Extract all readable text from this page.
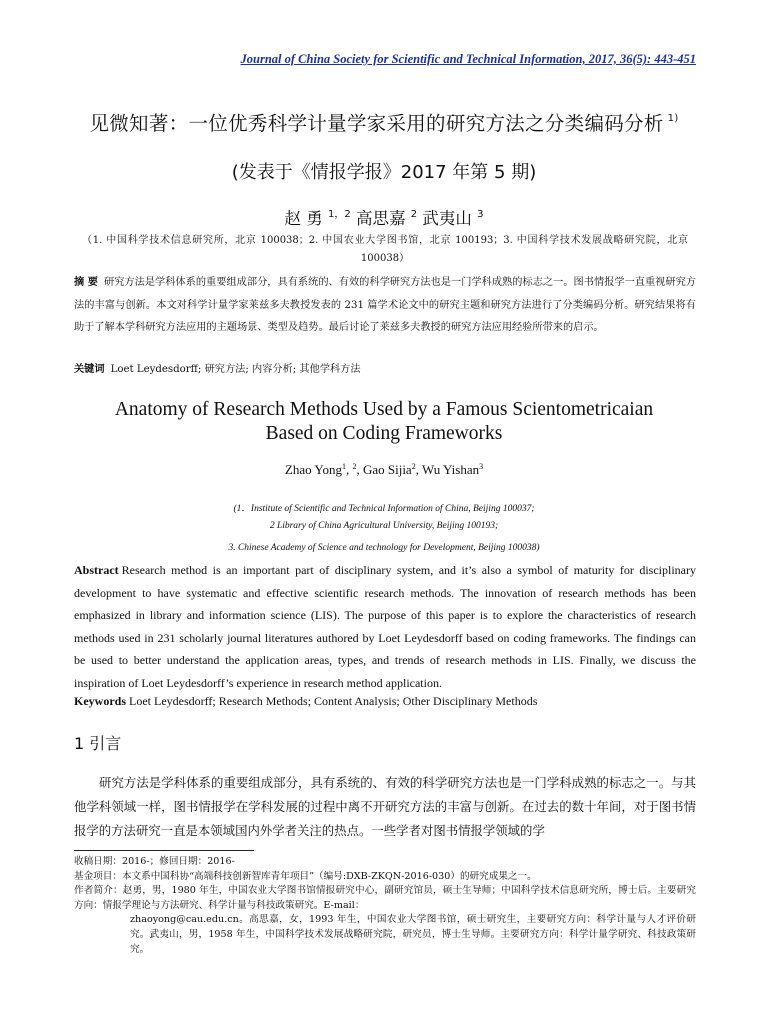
Journal of China Society for Scientific and Technical Information, 2017, 36(5): 443-451
见微知著：一位优秀科学计量学家采用的研究方法之分类编码分析 $^{1)}$
(发表于《情报学报》2017 年第 5 期)
赵 勇 $^{1,2}$ 高思嘉 $^2$ 武夷山 $^3$
（1. 中国科学技术信息研究所，北京 100038；2. 中国农业大学图书馆，北京 100193；3. 中国科学技术发展战略研究院，北京 100038）
摘 要 研究方法是学科体系的重要组成部分，具有系统的、有效的科学研究方法也是一门学科成熟的标志之一。图书情报学一直重视研究方法的丰富与创新。本文对科学计量学家莱兹多夫教授发表的 231 篇学术论文中的研究主题和研究方法进行了分类编码分析。研究结果将有助于了解本学科研究方法应用的主题场景、类型及趋势。最后讨论了莱兹多夫教授的研究方法应用经验所带来的启示。
关键词 Loet Leydesdorff; 研究方法; 内容分析; 其他学科方法
Anatomy of Research Methods Used by a Famous Scientometricaian
Based on Coding Frameworks
Zhao Yong$^1$, $^2$, Gao Sijia$^2$, Wu Yishan$^3$
(1．Institute of Scientific and Technical Information of China, Beijing 100037;
2 Library of China Agricultural University, Beijing 100193;
3. Chinese Academy of Science and technology for Development, Beijing 100038)
Abstract Research method is an important part of disciplinary system, and it’s also a symbol of maturity for disciplinary development to have systematic and effective scientific research methods. The innovation of research methods has been emphasized in library and information science (LIS). The purpose of this paper is to explore the characteristics of research methods used in 231 scholarly journal literatures authored by Loet Leydesdorff based on coding frameworks. The findings can be used to better understand the application areas, types, and trends of research methods in LIS. Finally, we discuss the inspiration of Loet Leydesdorff’s experience in research method application.
Keywords Loet Leydesdorff; Research Methods; Content Analysis; Other Disciplinary Methods
1 引言
研究方法是学科体系的重要组成部分，具有系统的、有效的科学研究方法也是一门学科成熟的标志之一。与其他学科领域一样，图书情报学在学科发展的过程中离不开研究方法的丰富与创新。在过去的数十年间，对于图书情报学的方法研究一直是本领域国内外学者关注的热点。一些学者对图书情报学领域的学

收稿日期：2016-；修回日期：2016-

基金项目：本文系中国科协“高端科技创新智库青年项目”（编号:DXB-ZKQN-2016-030）的研究成果之一。

作者简介：赵勇，男，1980 年生，中国农业大学图书馆情报研究中心，副研究馆员，硕士生导师；中国科学技术信息研究所，博士后。主要研究方向：情报学理论与方法研究、科学计量与科技政策研究。E-mail：

zhaoyong@cau.edu.cn。高思嘉，女，1993 年生，中国农业大学图书馆，硕士研究生，主要研究方向：科学计量与人才评价研究。武夷山，男，1958 年生，中国科学技术发展战略研究院，研究员，博士生导师。主要研究方向：科学计量学研究、科技政策研究。
